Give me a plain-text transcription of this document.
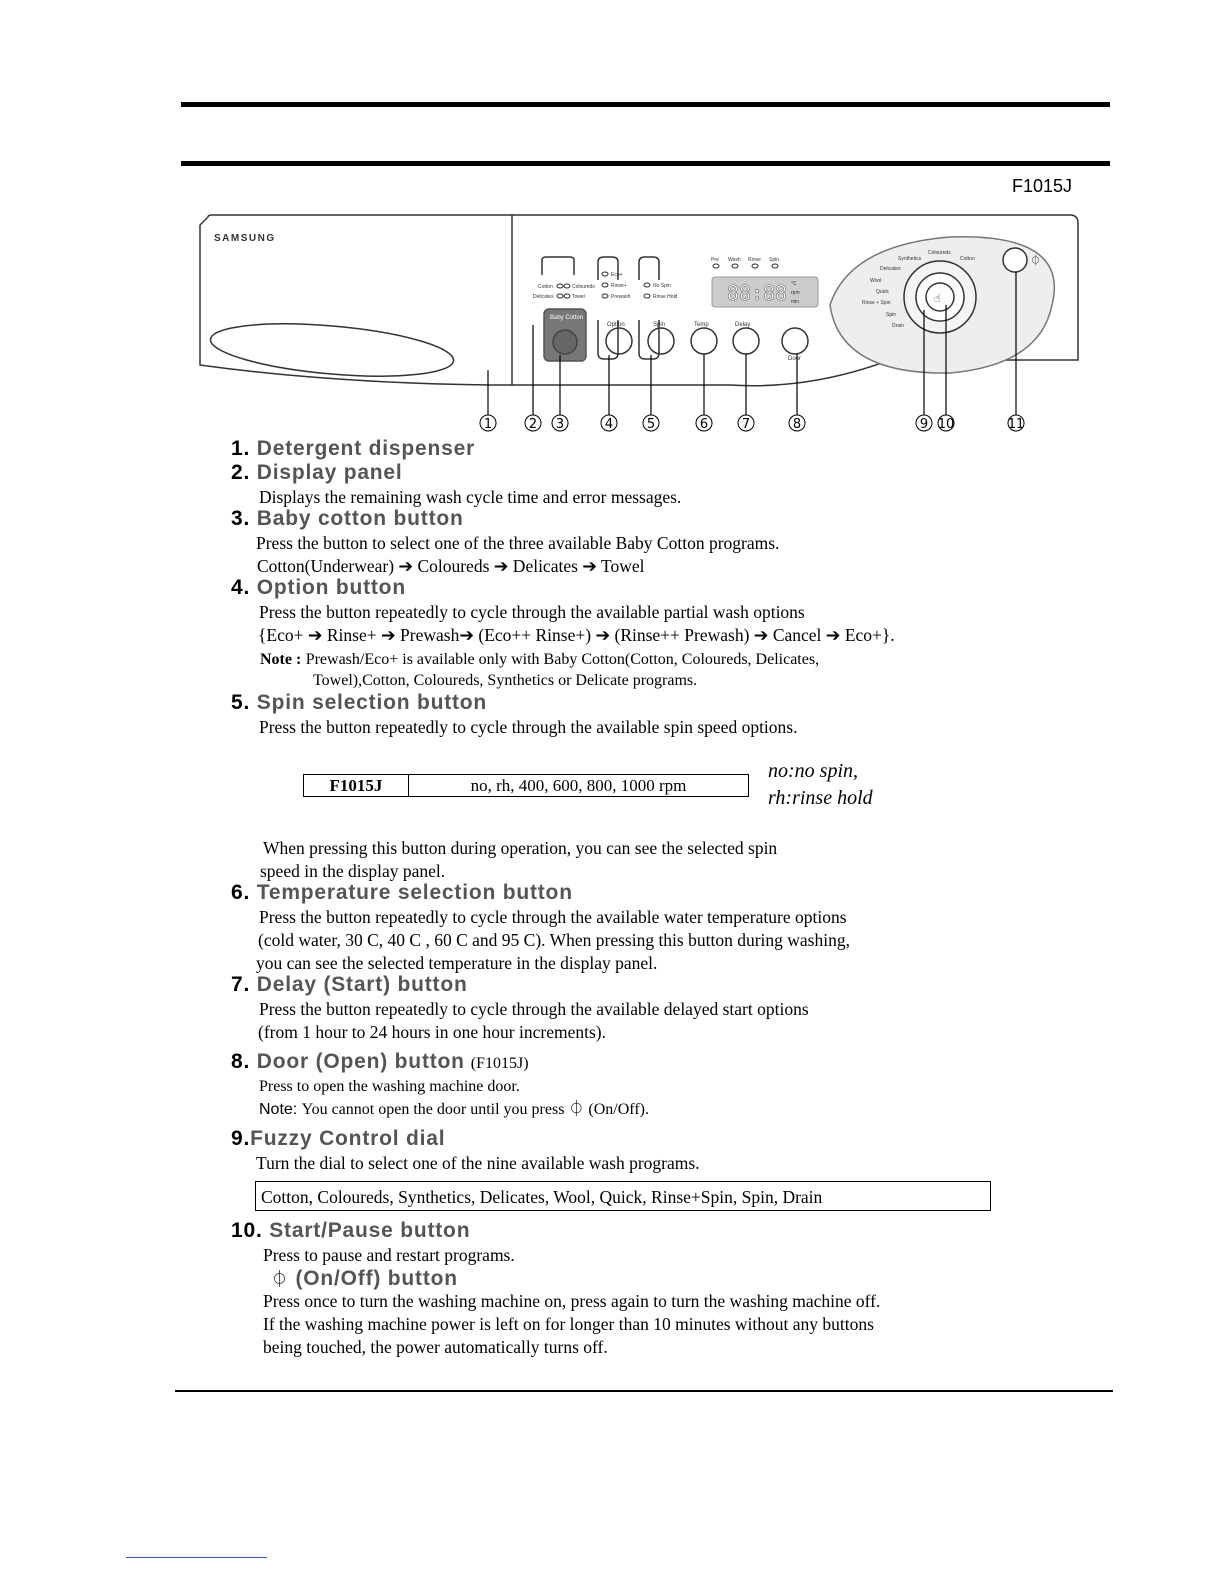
F1015J
SAMSUNG
Baby Cotton
Cotton	Coloureds
Delicates	Towel
Eco+
Rinse+
Prewash
No Spin
Rinse Hold
Pre Wash Rinse Spin
88:88 °C
rpm
min
Option	Spin	Temp	Delay
Door
Coloureds
Cotton
Synthetics
Delicates
Wool
Quick
Rinse + Spin
Spin
Drain
⏀
☝
1	2 3	4	5	6	7	8	9 10	11
1. Detergent dispenser
2. Display panel
Displays the remaining wash cycle time and error messages.
3. Baby cotton button
Press the button to select one of the three available Baby Cotton programs.
Cotton(Underwear) ➔ Coloureds ➔ Delicates ➔ Towel
4. Option button
Press the button repeatedly to cycle through the available partial wash options
{Eco+ ➔ Rinse+ ➔ Prewash➔ (Eco++ Rinse+) ➔ (Rinse++ Prewash) ➔ Cancel ➔ Eco+}.
Note : Prewash/Eco+ is available only with Baby Cotton(Cotton, Coloureds, Delicates,
Towel),Cotton, Coloureds, Synthetics or Delicate programs.
5. Spin selection button
Press the button repeatedly to cycle through the available spin speed options.
F1015J	no, rh, 400, 600, 800, 1000 rpm
no:no spin,
rh:rinse hold
When pressing this button during operation, you can see the selected spin
speed in the display panel.
6. Temperature selection button
Press the button repeatedly to cycle through the available water temperature options
(cold water, 30 C, 40 C , 60 C and 95 C). When pressing this button during washing,
you can see the selected temperature in the display panel.
7. Delay (Start) button
Press the button repeatedly to cycle through the available delayed start options
(from 1 hour to 24 hours in one hour increments).
8. Door (Open) button (F1015J)
Press to open the washing machine door.
Note: You cannot open the door until you press ⏀ (On/Off).
9.Fuzzy Control dial
Turn the dial to select one of the nine available wash programs.
Cotton, Coloureds, Synthetics, Delicates, Wool, Quick, Rinse+Spin, Spin, Drain
10. Start/Pause button
Press to pause and restart programs.
⏀ (On/Off) button
Press once to turn the washing machine on, press again to turn the washing machine off.
If the washing machine power is left on for longer than 10 minutes without any buttons
being touched, the power automatically turns off.
